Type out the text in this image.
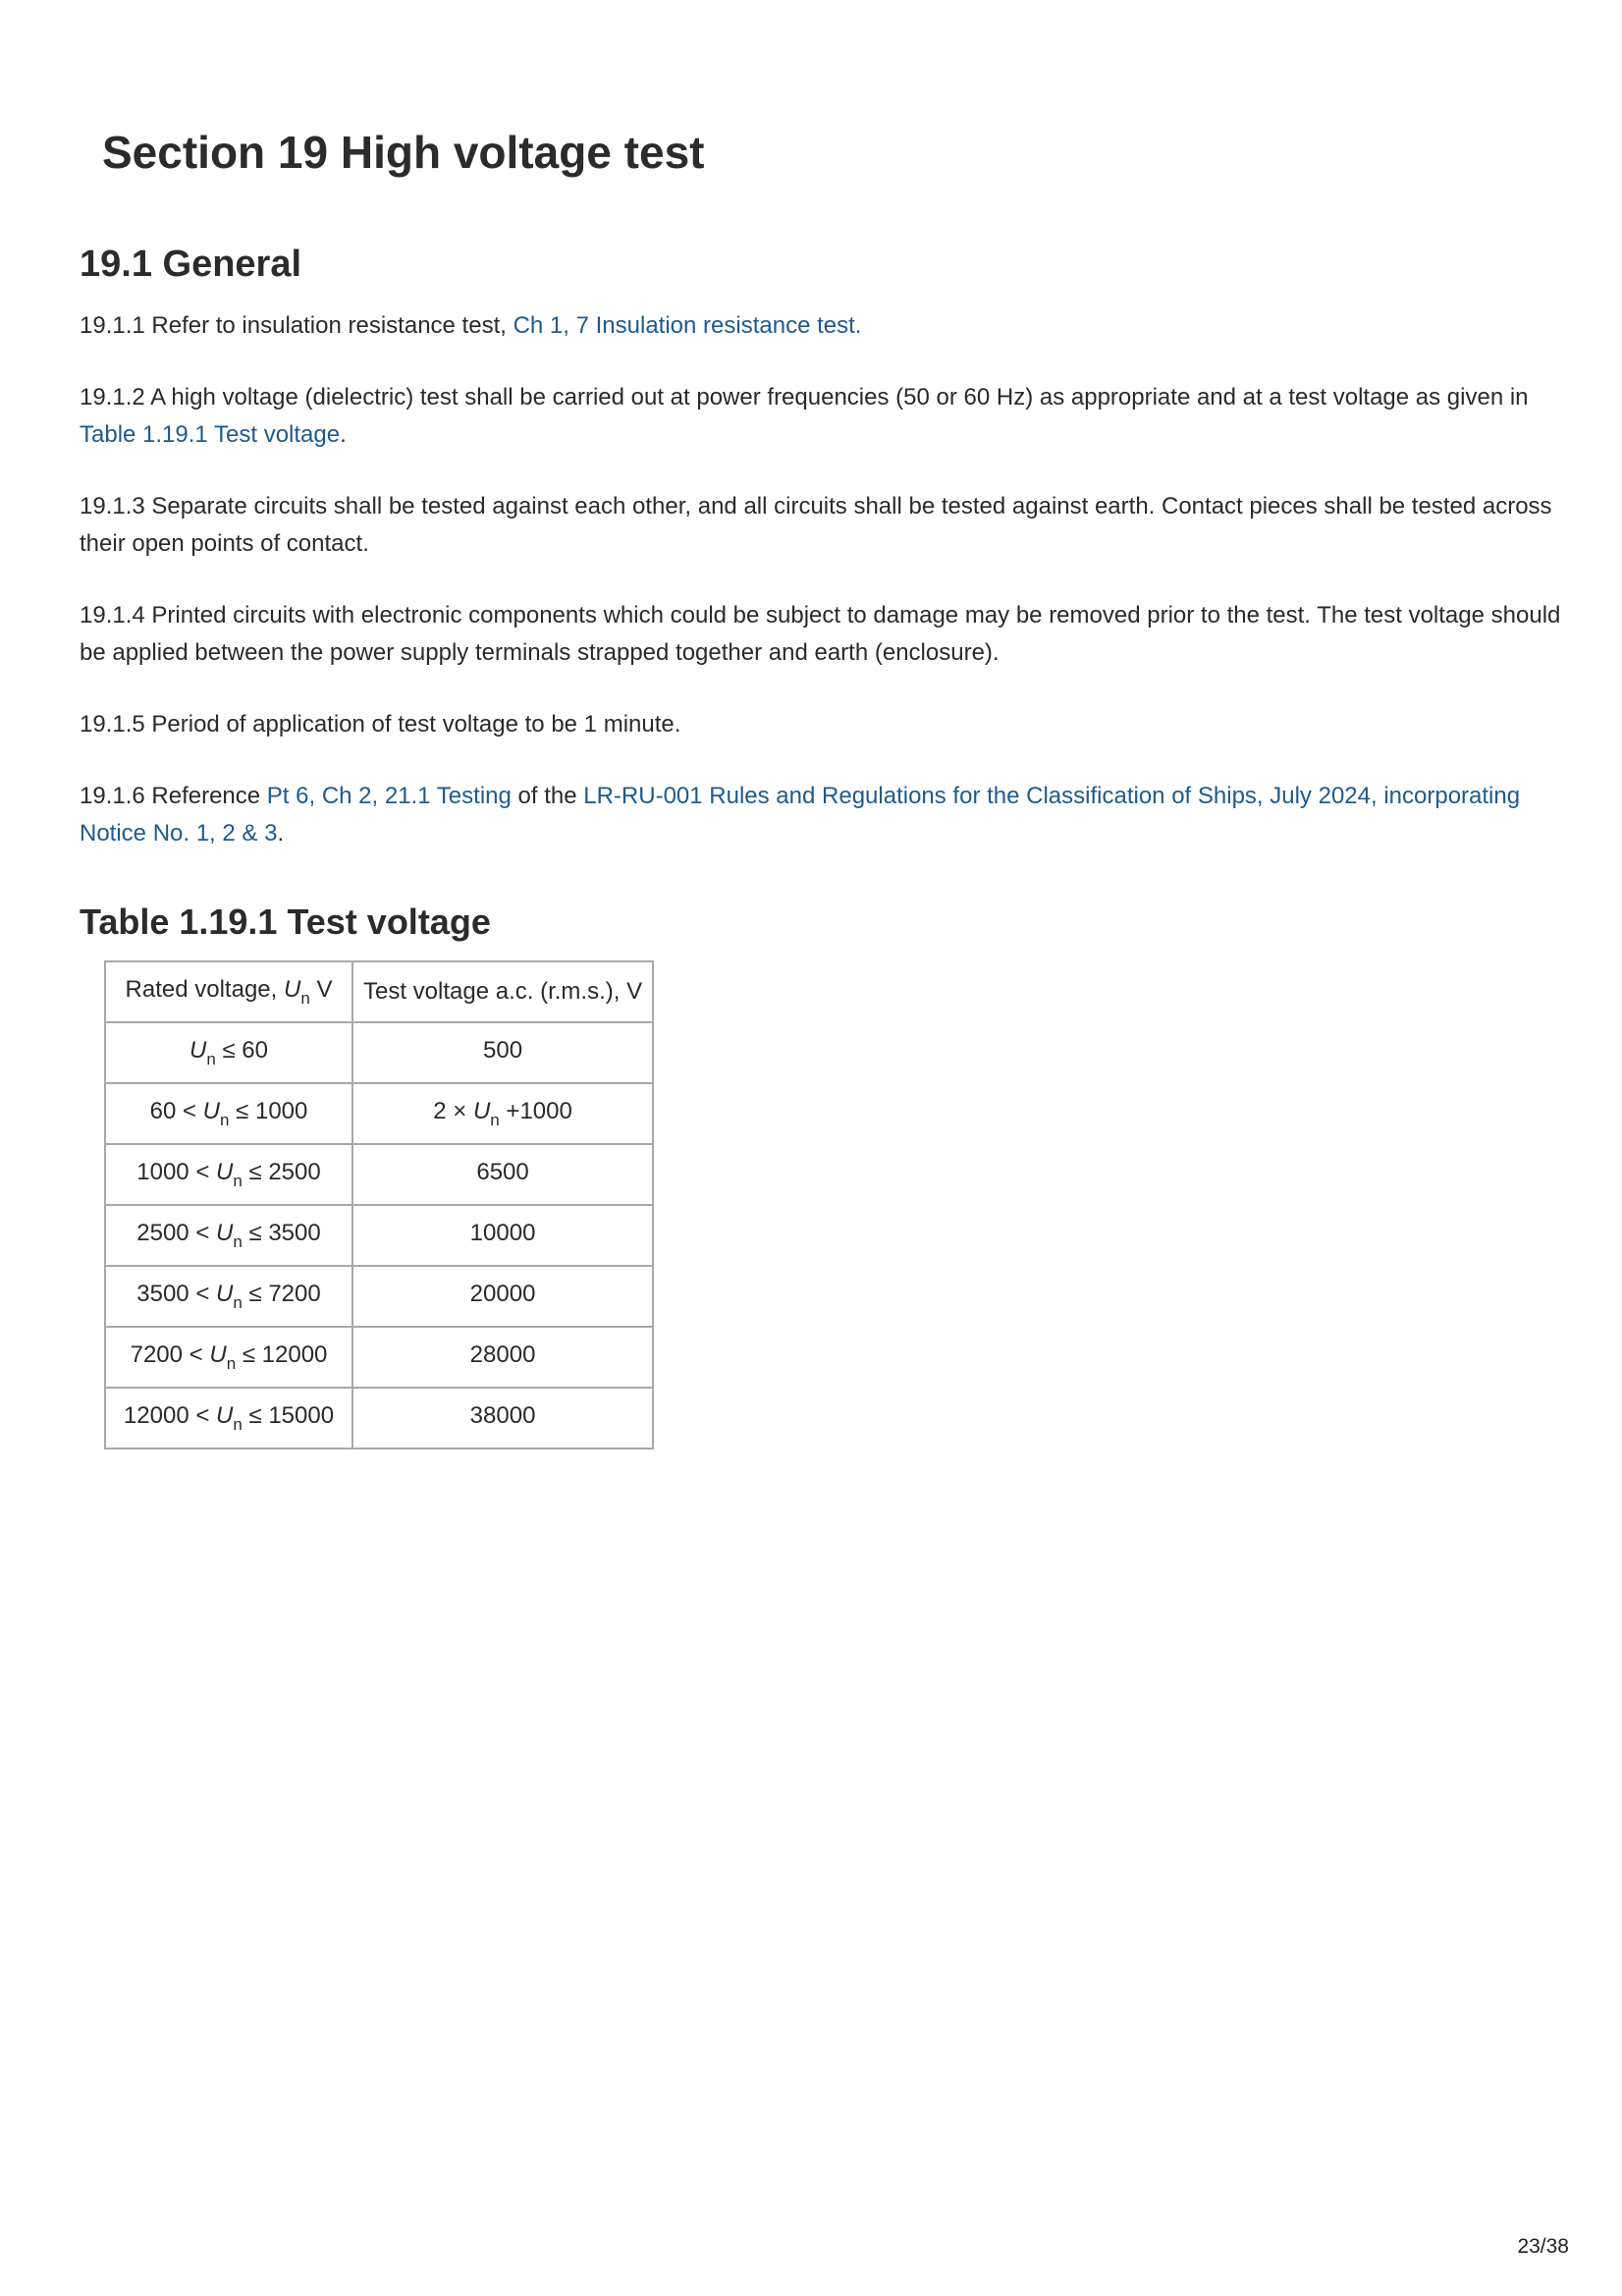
Section 19 High voltage test
19.1 General

19.1.1 Refer to insulation resistance test, Ch 1, 7 Insulation resistance test.

19.1.2 A high voltage (dielectric) test shall be carried out at power frequencies (50 or 60 Hz) as appropriate and at a test voltage as given in Table 1.19.1 Test voltage.

19.1.3 Separate circuits shall be tested against each other, and all circuits shall be tested against earth. Contact pieces shall be tested across their open points of contact.

19.1.4 Printed circuits with electronic components which could be subject to damage may be removed prior to the test. The test voltage should be applied between the power supply terminals strapped together and earth (enclosure).

19.1.5 Period of application of test voltage to be 1 minute.

19.1.6 Reference Pt 6, Ch 2, 21.1 Testing of the LR-RU-001 Rules and Regulations for the Classification of Ships, July 2024, incorporating Notice No. 1, 2 & 3.

Table 1.19.1 Test voltage
Rated voltage, $U_n$ V	Test voltage a.c. (r.m.s.), V
$U_n \le 60$	500
$60 < U_n \le 1000$	$2 \times U_n +1000$
$1000 < U_n \le 2500$	6500
$2500 < U_n \le 3500$	10000
$3500 < U_n \le 7200$	20000
$7200 < U_n \le 12000$	28000
$12000 < U_n \le 15000$	38000
23/38
